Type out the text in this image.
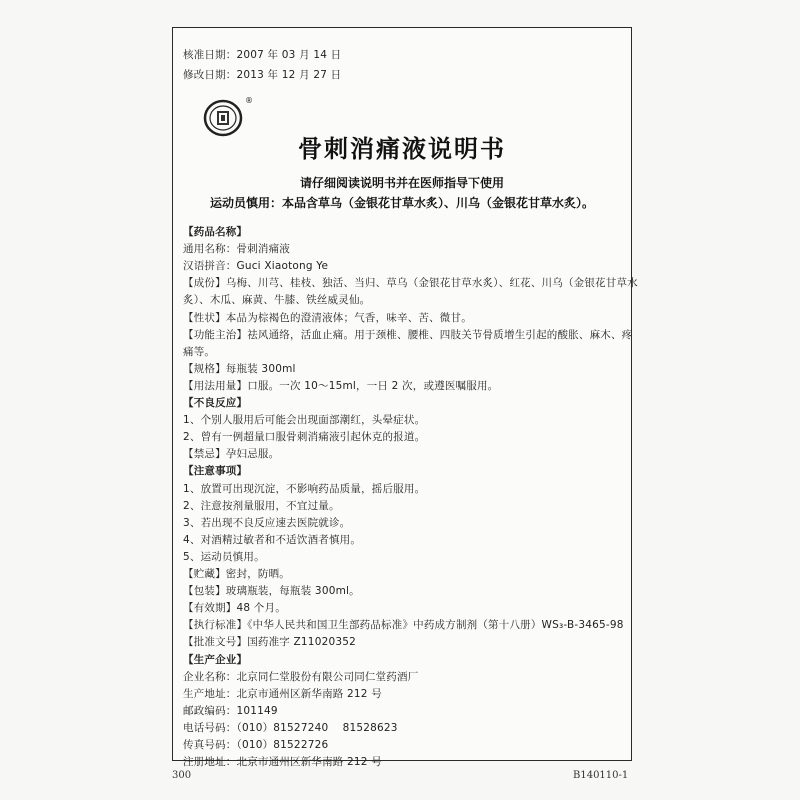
核准日期：2007 年 03 月 14 日
修改日期：2013 年 12 月 27 日
®
骨刺消痛液说明书
请仔细阅读说明书并在医师指导下使用
运动员慎用：本品含草乌（金银花甘草水炙）、川乌（金银花甘草水炙）。
【药品名称】
通用名称：骨刺消痛液
汉语拼音：Guci Xiaotong Ye
【成份】乌梅、川芎、桂枝、独活、当归、草乌（金银花甘草水炙）、红花、川乌（金银花甘草水
炙）、木瓜、麻黄、牛膝、铁丝威灵仙。
【性状】本品为棕褐色的澄清液体；气香，味辛、苦、微甘。
【功能主治】祛风通络，活血止痛。用于颈椎、腰椎、四肢关节骨质增生引起的酸胀、麻木、疼
痛等。
【规格】每瓶装 300ml
【用法用量】口服。一次 10～15ml，一日 2 次，或遵医嘱服用。
【不良反应】
1、个别人服用后可能会出现面部潮红，头晕症状。
2、曾有一例超量口服骨刺消痛液引起休克的报道。
【禁忌】孕妇忌服。
【注意事项】
1、放置可出现沉淀，不影响药品质量，摇后服用。
2、注意按剂量服用，不宜过量。
3、若出现不良反应速去医院就诊。
4、对酒精过敏者和不适饮酒者慎用。
5、运动员慎用。
【贮藏】密封，防晒。
【包装】玻璃瓶装，每瓶装 300ml。
【有效期】48 个月。
【执行标准】《中华人民共和国卫生部药品标准》中药成方制剂（第十八册）WS₃-B-3465-98
【批准文号】国药准字 Z11020352
【生产企业】
企业名称：北京同仁堂股份有限公司同仁堂药酒厂
生产地址：北京市通州区新华南路 212 号
邮政编码：101149
电话号码：（010）81527240　 81528623
传真号码：（010）81522726
注册地址：北京市通州区新华南路 212 号
300	B140110-1
